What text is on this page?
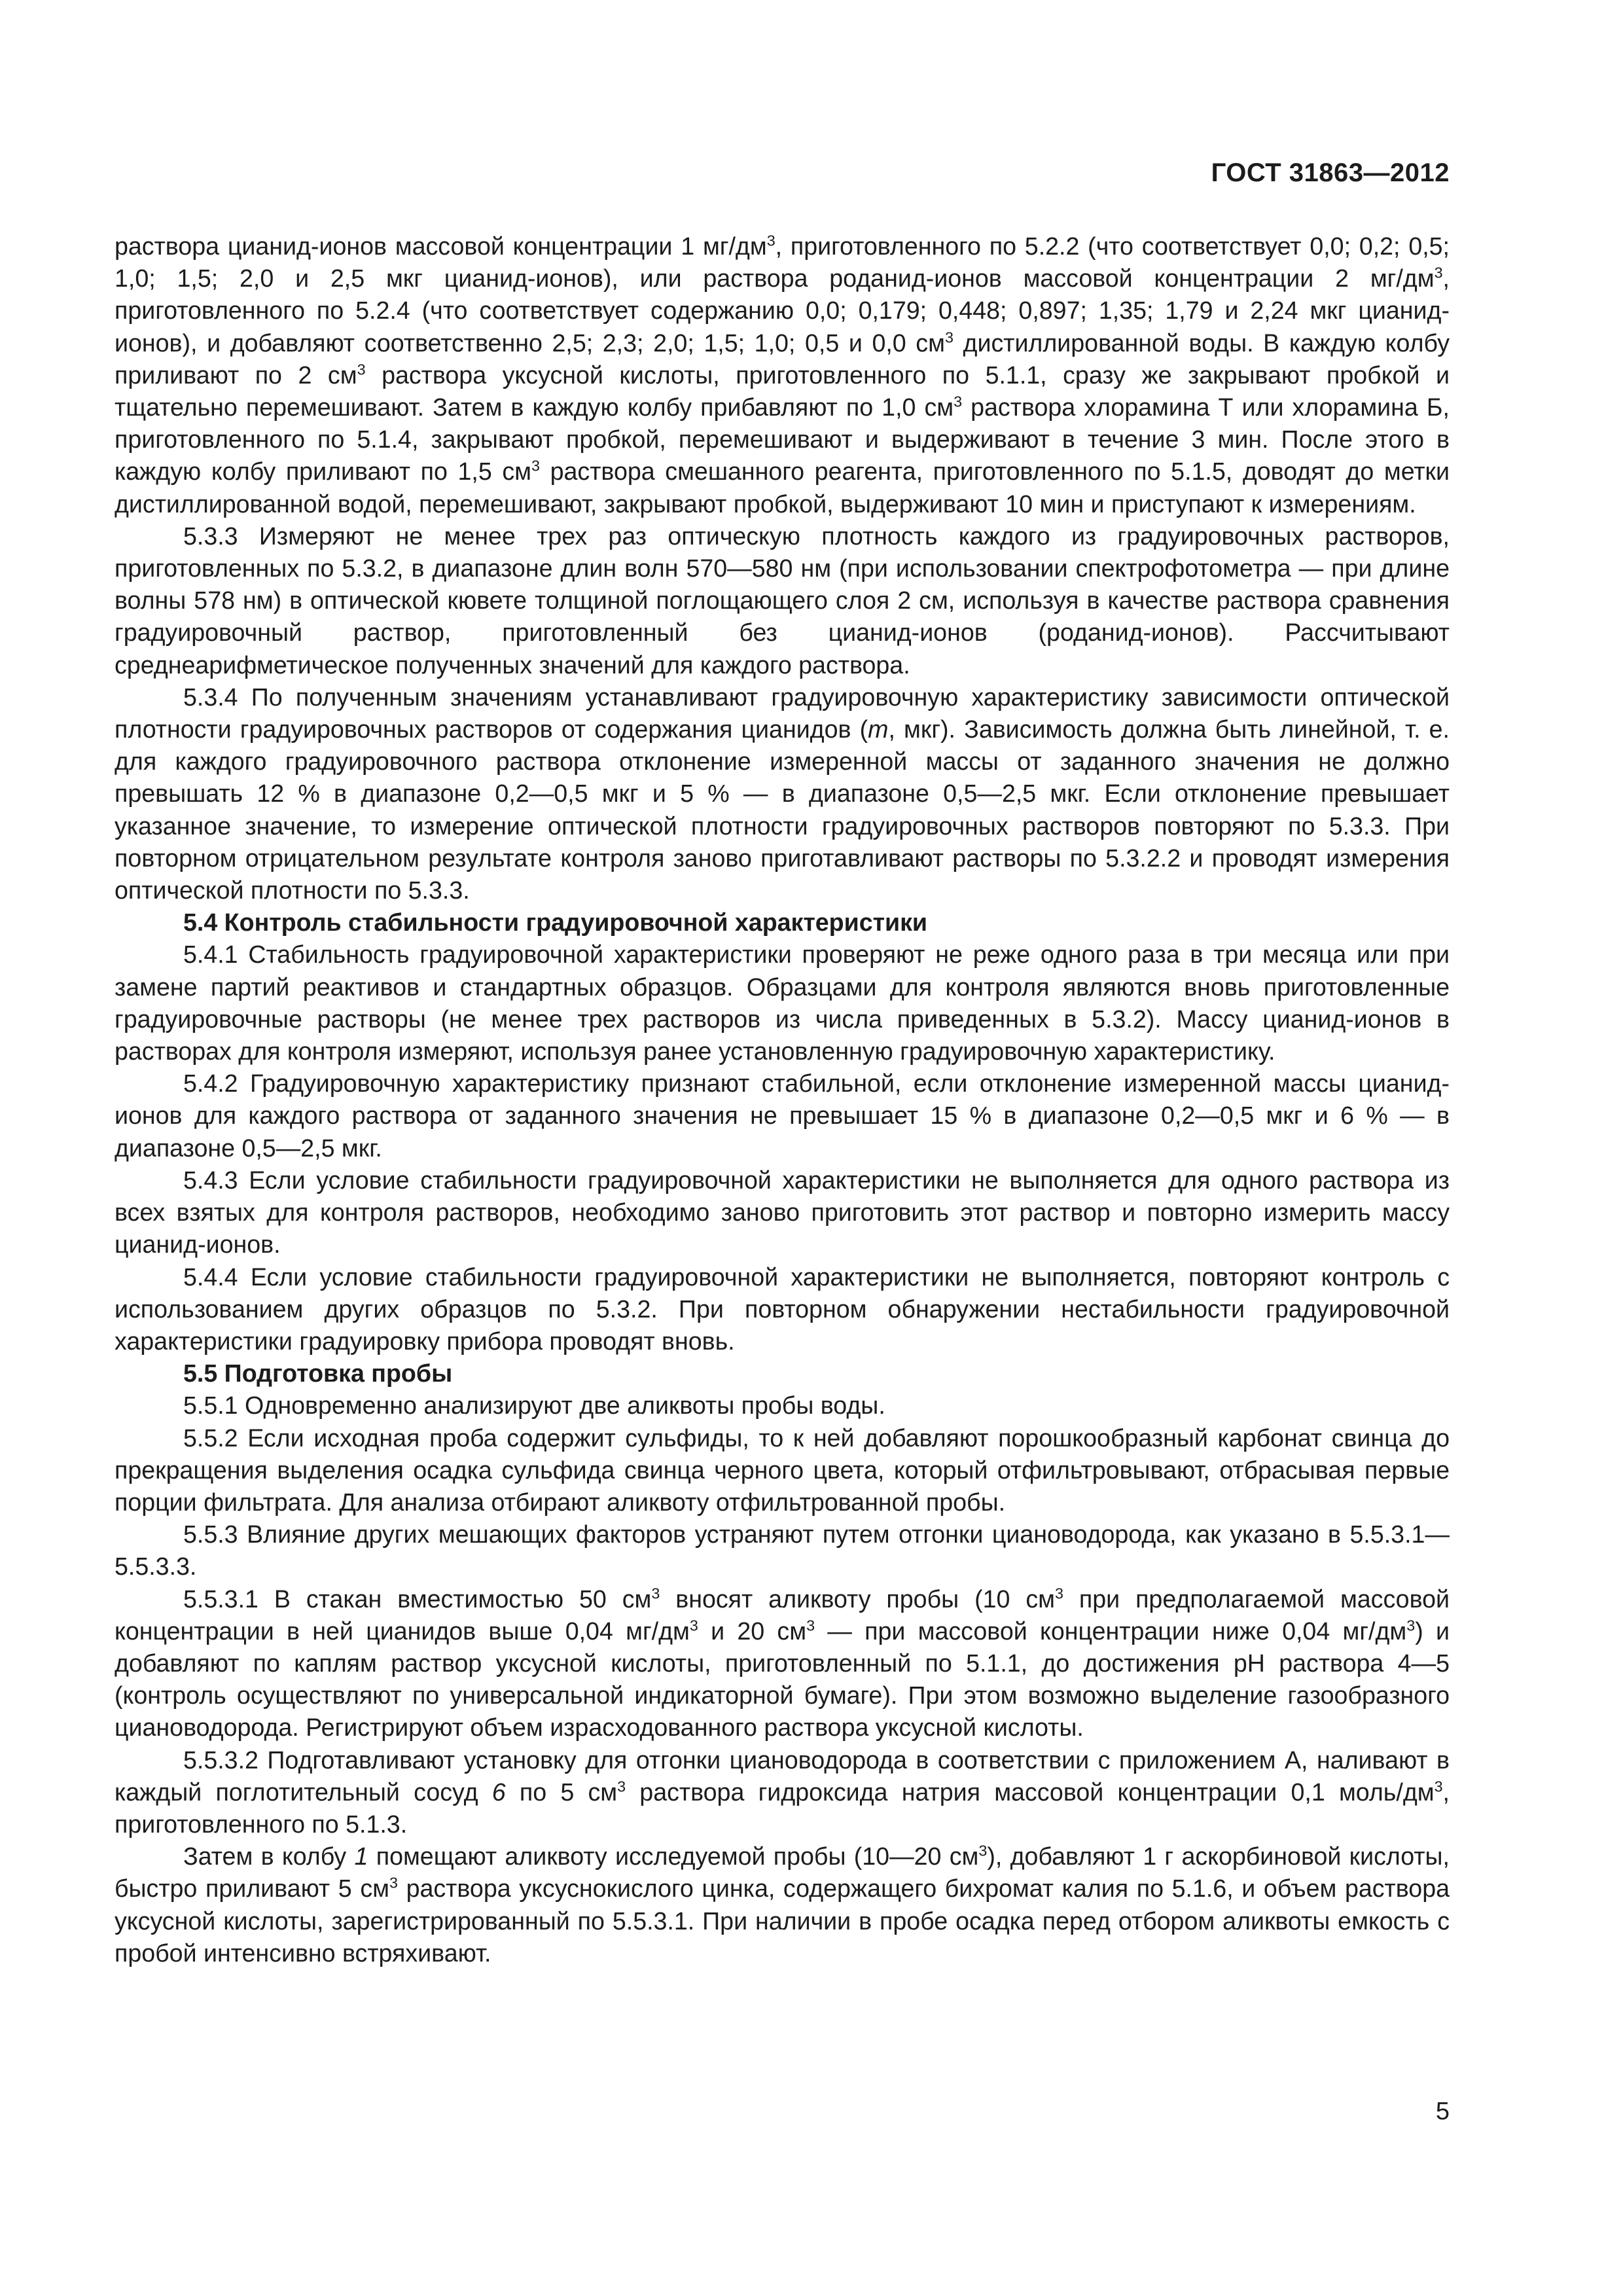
ГОСТ 31863—2012

раствора цианид-ионов массовой концентрации 1 $мг/дм^3$, приготовленного по 5.2.2 (что соответствует 0,0; 0,2; 0,5; 1,0; 1,5; 2,0 и 2,5 мкг цианид-ионов), или раствора роданид-ионов массовой концентрации 2 $мг/дм^3$, приготовленного по 5.2.4 (что соответствует содержанию 0,0; 0,179; 0,448; 0,897; 1,35; 1,79 и 2,24 мкг цианид-ионов), и добавляют соответственно 2,5; 2,3; 2,0; 1,5; 1,0; 0,5 и 0,0 $см^3$ дистиллированной воды. В каждую колбу приливают по 2 $см^3$ раствора уксусной кислоты, приготовленного по 5.1.1, сразу же закрывают пробкой и тщательно перемешивают. Затем в каждую колбу прибавляют по 1,0 $см^3$ раствора хлорамина Т или хлорамина Б, приготовленного по 5.1.4, закрывают пробкой, перемешивают и выдерживают в течение 3 мин. После этого в каждую колбу приливают по 1,5 $см^3$ раствора смешанного реагента, приготовленного по 5.1.5, доводят до метки дистиллированной водой, перемешивают, закрывают пробкой, выдерживают 10 мин и приступают к измерениям.

5.3.3 Измеряют не менее трех раз оптическую плотность каждого из градуировочных растворов, приготовленных по 5.3.2, в диапазоне длин волн 570—580 нм (при использовании спектрофотометра — при длине волны 578 нм) в оптической кювете толщиной поглощающего слоя 2 см, используя в качестве раствора сравнения градуировочный раствор, приготовленный без цианид-ионов (роданид-ионов). Рассчитывают среднеарифметическое полученных значений для каждого раствора.

5.3.4 По полученным значениям устанавливают градуировочную характеристику зависимости оптической плотности градуировочных растворов от содержания цианидов (m, мкг). Зависимость должна быть линейной, т. е. для каждого градуировочного раствора отклонение измеренной массы от заданного значения не должно превышать 12 % в диапазоне 0,2—0,5 мкг и 5 % — в диапазоне 0,5—2,5 мкг. Если отклонение превышает указанное значение, то измерение оптической плотности градуировочных растворов повторяют по 5.3.3. При повторном отрицательном результате контроля заново приготавливают растворы по 5.3.2.2 и проводят измерения оптической плотности по 5.3.3.

5.4 Контроль стабильности градуировочной характеристики

5.4.1 Стабильность градуировочной характеристики проверяют не реже одного раза в три месяца или при замене партий реактивов и стандартных образцов. Образцами для контроля являются вновь приготовленные градуировочные растворы (не менее трех растворов из числа приведенных в 5.3.2). Массу цианид-ионов в растворах для контроля измеряют, используя ранее установленную градуировочную характеристику.

5.4.2 Градуировочную характеристику признают стабильной, если отклонение измеренной массы цианид-ионов для каждого раствора от заданного значения не превышает 15 % в диапазоне 0,2—0,5 мкг и 6 % — в диапазоне 0,5—2,5 мкг.

5.4.3 Если условие стабильности градуировочной характеристики не выполняется для одного раствора из всех взятых для контроля растворов, необходимо заново приготовить этот раствор и повторно измерить массу цианид-ионов.

5.4.4 Если условие стабильности градуировочной характеристики не выполняется, повторяют контроль с использованием других образцов по 5.3.2. При повторном обнаружении нестабильности градуировочной характеристики градуировку прибора проводят вновь.

5.5 Подготовка пробы

5.5.1 Одновременно анализируют две аликвоты пробы воды.

5.5.2 Если исходная проба содержит сульфиды, то к ней добавляют порошкообразный карбонат свинца до прекращения выделения осадка сульфида свинца черного цвета, который отфильтровывают, отбрасывая первые порции фильтрата. Для анализа отбирают аликвоту отфильтрованной пробы.

5.5.3 Влияние других мешающих факторов устраняют путем отгонки циановодорода, как указано в 5.5.3.1—5.5.3.3.

5.5.3.1 В стакан вместимостью 50 $см^3$ вносят аликвоту пробы (10 $см^3$ при предполагаемой массовой концентрации в ней цианидов выше 0,04 $мг/дм^3$ и 20 $см^3$ — при массовой концентрации ниже 0,04 $мг/дм^3$) и добавляют по каплям раствор уксусной кислоты, приготовленный по 5.1.1, до достижения рН раствора 4—5 (контроль осуществляют по универсальной индикаторной бумаге). При этом возможно выделение газообразного циановодорода. Регистрируют объем израсходованного раствора уксусной кислоты.

5.5.3.2 Подготавливают установку для отгонки циановодорода в соответствии с приложением А, наливают в каждый поглотительный сосуд 6 по 5 $см^3$ раствора гидроксида натрия массовой концентрации 0,1 моль/$дм^3$, приготовленного по 5.1.3.

Затем в колбу 1 помещают аликвоту исследуемой пробы (10—20 $см^3$), добавляют 1 г аскорбиновой кислоты, быстро приливают 5 $см^3$ раствора уксуснокислого цинка, содержащего бихромат калия по 5.1.6, и объем раствора уксусной кислоты, зарегистрированный по 5.5.3.1. При наличии в пробе осадка перед отбором аликвоты емкость с пробой интенсивно встряхивают.

5
